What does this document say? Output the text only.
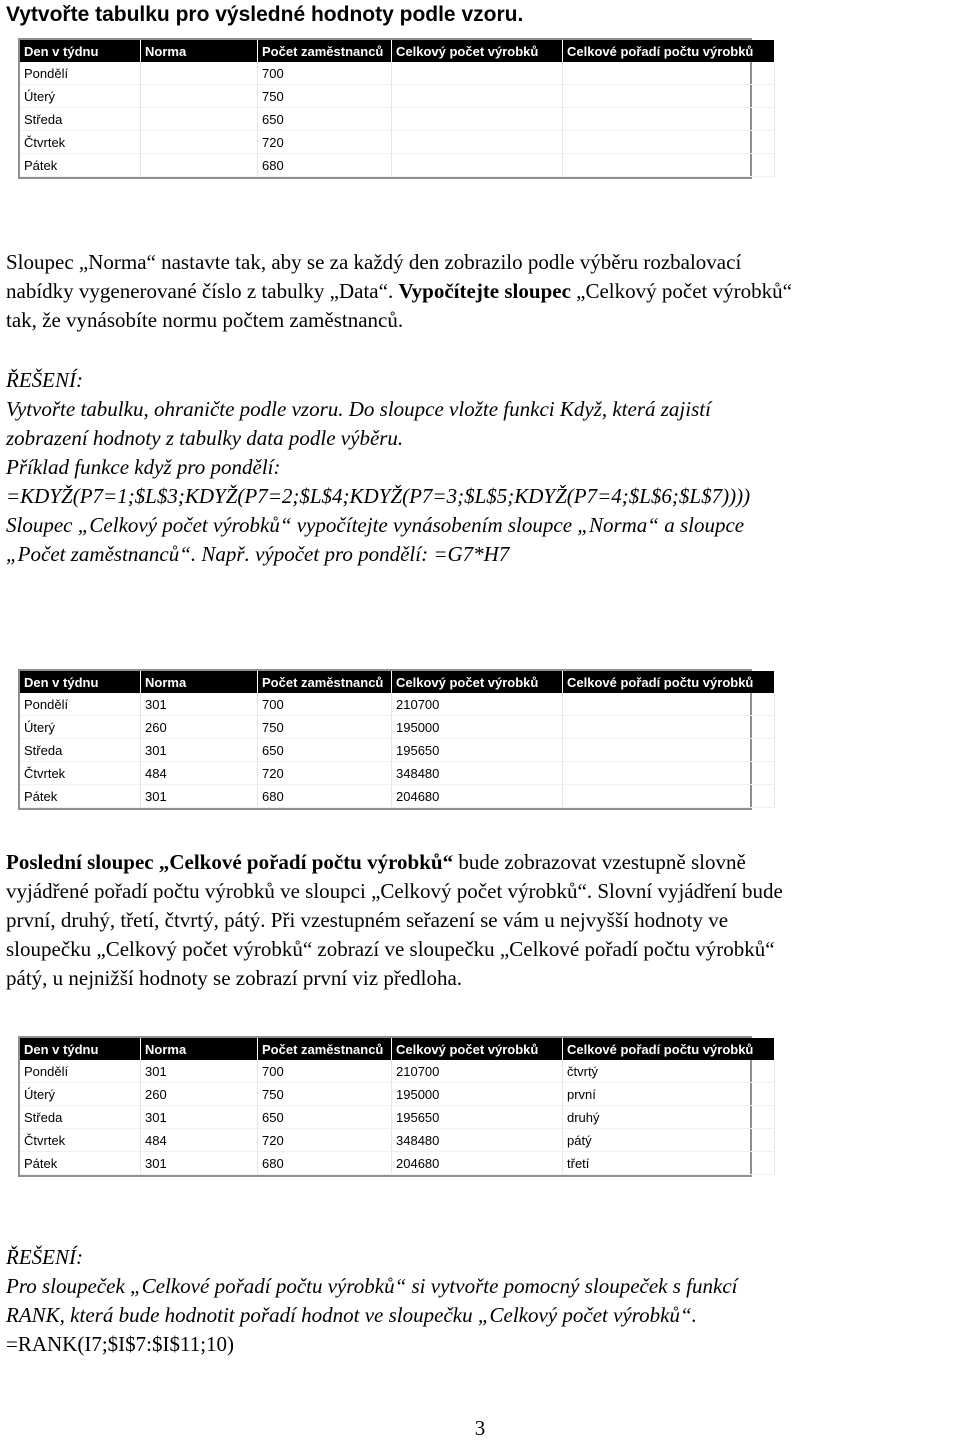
Vytvořte tabulku pro výsledné hodnoty podle vzoru.
Den v týdnu	Norma	Počet zaměstnanců	Celkový počet výrobků	Celkové pořadí počtu výrobků
Pondělí		700		
Úterý		750		
Středa		650		
Čtvrtek		720		
Pátek		680		
Sloupec „Norma“ nastavte tak, aby se za každý den zobrazilo podle výběru rozbalovací
nabídky vygenerované číslo z tabulky „Data“. Vypočítejte sloupec „Celkový počet výrobků“
tak, že vynásobíte normu počtem zaměstnanců.
ŘEŠENÍ:
Vytvořte tabulku, ohraničte podle vzoru. Do sloupce vložte funkci Když, která zajistí
zobrazení hodnoty z tabulky data podle výběru.
Příklad funkce když pro pondělí:
=KDYŽ(P7=1;$L$3;KDYŽ(P7=2;$L$4;KDYŽ(P7=3;$L$5;KDYŽ(P7=4;$L$6;$L$7))))
Sloupec „Celkový počet výrobků“ vypočítejte vynásobením sloupce „Norma“ a sloupce
„Počet zaměstnanců“. Např. výpočet pro pondělí: =G7*H7
Den v týdnu	Norma	Počet zaměstnanců	Celkový počet výrobků	Celkové pořadí počtu výrobků
Pondělí	301	700	210700	
Úterý	260	750	195000	
Středa	301	650	195650	
Čtvrtek	484	720	348480	
Pátek	301	680	204680	
Poslední sloupec „Celkové pořadí počtu výrobků“ bude zobrazovat vzestupně slovně
vyjádřené pořadí počtu výrobků ve sloupci „Celkový počet výrobků“. Slovní vyjádření bude
první, druhý, třetí, čtvrtý, pátý. Při vzestupném seřazení se vám u nejvyšší hodnoty ve
sloupečku „Celkový počet výrobků“ zobrazí ve sloupečku „Celkové pořadí počtu výrobků“
pátý, u nejnižší hodnoty se zobrazí první viz předloha.
Den v týdnu	Norma	Počet zaměstnanců	Celkový počet výrobků	Celkové pořadí počtu výrobků
Pondělí	301	700	210700	čtvrtý
Úterý	260	750	195000	první
Středa	301	650	195650	druhý
Čtvrtek	484	720	348480	pátý
Pátek	301	680	204680	třetí
ŘEŠENÍ:
Pro sloupeček „Celkové pořadí počtu výrobků“ si vytvořte pomocný sloupeček s funkcí
RANK, která bude hodnotit pořadí hodnot ve sloupečku „Celkový počet výrobků“.
=RANK(I7;$I$7:$I$11;10)

3
